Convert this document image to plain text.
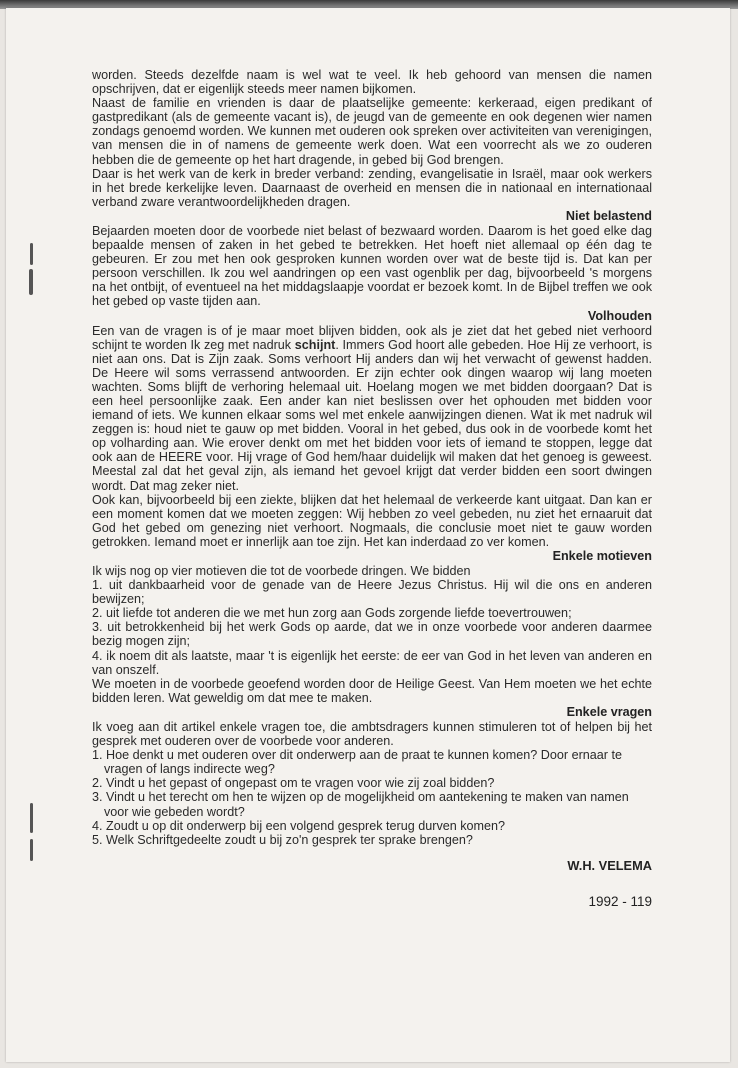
worden. Steeds dezelfde naam is wel wat te veel. Ik heb gehoord van mensen die namen opschrijven, dat er eigenlijk steeds meer namen bijkomen.

Naast de familie en vrienden is daar de plaatselijke gemeente: kerkeraad, eigen predikant of gastpredikant (als de gemeente vacant is), de jeugd van de gemeente en ook degenen wier namen zondags genoemd worden. We kunnen met ouderen ook spreken over activiteiten van verenigingen, van mensen die in of namens de gemeente werk doen. Wat een voorrecht als we zo ouderen hebben die de gemeente op het hart dragende, in gebed bij God brengen.

Daar is het werk van de kerk in breder verband: zending, evangelisatie in Israël, maar ook werkers in het brede kerkelijke leven. Daarnaast de overheid en mensen die in nationaal en internationaal verband zware verantwoordelijkheden dragen.

Niet belastend

Bejaarden moeten door de voorbede niet belast of bezwaard worden. Daarom is het goed elke dag bepaalde mensen of zaken in het gebed te betrekken. Het hoeft niet allemaal op één dag te gebeuren. Er zou met hen ook gesproken kunnen worden over wat de beste tijd is. Dat kan per persoon verschillen. Ik zou wel aandringen op een vast ogenblik per dag, bijvoorbeeld 's morgens na het ontbijt, of eventueel na het middagslaapje voordat er bezoek komt. In de Bijbel treffen we ook het gebed op vaste tijden aan.

Volhouden

Een van de vragen is of je maar moet blijven bidden, ook als je ziet dat het gebed niet verhoord schijnt te worden Ik zeg met nadruk schijnt. Immers God hoort alle gebeden. Hoe Hij ze verhoort, is niet aan ons. Dat is Zijn zaak. Soms verhoort Hij anders dan wij het verwacht of gewenst hadden. De Heere wil soms verrassend antwoorden. Er zijn echter ook dingen waarop wij lang moeten wachten. Soms blijft de verhoring helemaal uit. Hoelang mogen we met bidden doorgaan? Dat is een heel persoonlijke zaak. Een ander kan niet beslissen over het ophouden met bidden voor iemand of iets. We kunnen elkaar soms wel met enkele aanwijzingen dienen. Wat ik met nadruk wil zeggen is: houd niet te gauw op met bidden. Vooral in het gebed, dus ook in de voorbede komt het op volharding aan. Wie erover denkt om met het bidden voor iets of iemand te stoppen, legge dat ook aan de HEERE voor. Hij vrage of God hem/haar duidelijk wil maken dat het genoeg is geweest. Meestal zal dat het geval zijn, als iemand het gevoel krijgt dat verder bidden een soort dwingen wordt. Dat mag zeker niet.

Ook kan, bijvoorbeeld bij een ziekte, blijken dat het helemaal de verkeerde kant uitgaat. Dan kan er een moment komen dat we moeten zeggen: Wij hebben zo veel gebeden, nu ziet het ernaaruit dat God het gebed om genezing niet verhoort. Nogmaals, die conclusie moet niet te gauw worden getrokken. Iemand moet er innerlijk aan toe zijn. Het kan inderdaad zo ver komen.

Enkele motieven

Ik wijs nog op vier motieven die tot de voorbede dringen. We bidden

1. uit dankbaarheid voor de genade van de Heere Jezus Christus. Hij wil die ons en anderen bewijzen;

2. uit liefde tot anderen die we met hun zorg aan Gods zorgende liefde toevertrouwen;

3. uit betrokkenheid bij het werk Gods op aarde, dat we in onze voorbede voor anderen daarmee bezig mogen zijn;

4. ik noem dit als laatste, maar 't is eigenlijk het eerste: de eer van God in het leven van anderen en van onszelf.

We moeten in de voorbede geoefend worden door de Heilige Geest. Van Hem moeten we het echte bidden leren. Wat geweldig om dat mee te maken.

Enkele vragen

Ik voeg aan dit artikel enkele vragen toe, die ambtsdragers kunnen stimuleren tot of helpen bij het gesprek met ouderen over de voorbede voor anderen.

1. Hoe denkt u met ouderen over dit onderwerp aan de praat te kunnen komen? Door ernaar te vragen of langs indirecte weg?
2. Vindt u het gepast of ongepast om te vragen voor wie zij zoal bidden?
3. Vindt u het terecht om hen te wijzen op de mogelijkheid om aantekening te maken van namen voor wie gebeden wordt?
4. Zoudt u op dit onderwerp bij een volgend gesprek terug durven komen?
5. Welk Schriftgedeelte zoudt u bij zo'n gesprek ter sprake brengen?
W.H. VELEMA
1992 - 119
